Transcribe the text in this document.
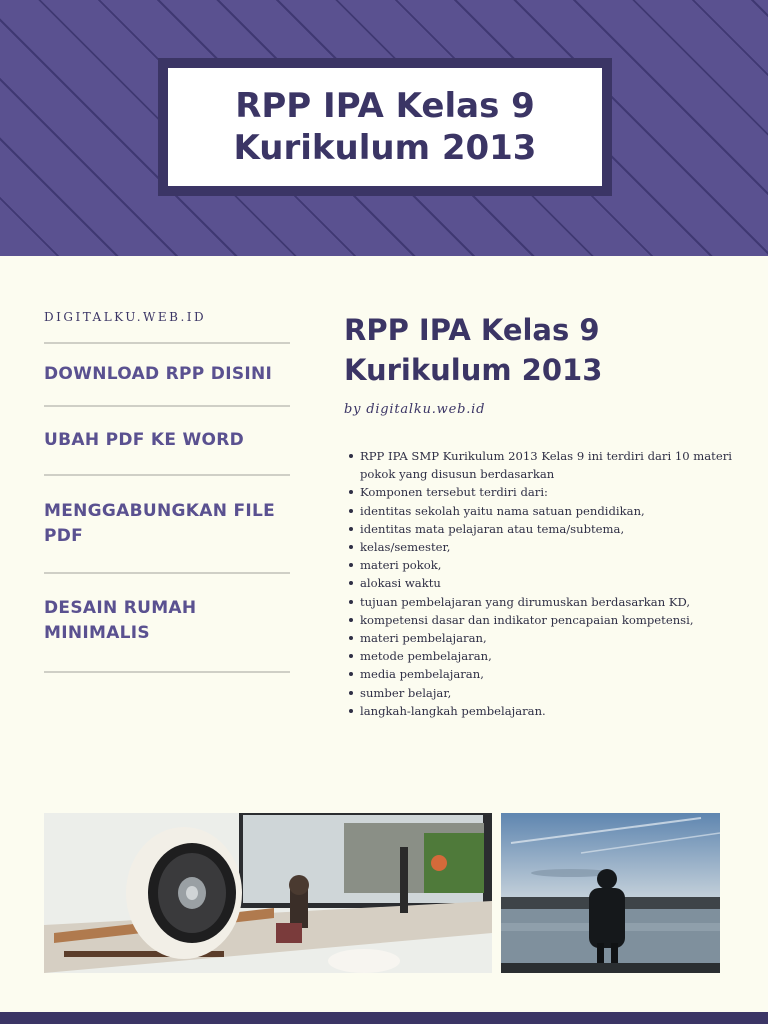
RPP IPA Kelas 9
Kurikulum 2013
DIGITALKU.WEB.ID
DOWNLOAD RPP DISINI
UBAH PDF KE WORD
MENGGABUNGKAN FILE
PDF
DESAIN RUMAH
MINIMALIS
RPP IPA Kelas 9
Kurikulum 2013
by digitalku.web.id
RPP IPA SMP Kurikulum 2013 Kelas 9 ini terdiri dari 10 materi pokok yang disusun berdasarkan
Komponen tersebut terdiri dari:
identitas sekolah yaitu nama satuan pendidikan,
identitas mata pelajaran atau tema/subtema,
kelas/semester,
materi pokok,
alokasi waktu
tujuan pembelajaran yang dirumuskan berdasarkan KD,
kompetensi dasar dan indikator pencapaian kompetensi,
materi pembelajaran,
metode pembelajaran,
media pembelajaran,
sumber belajar,
langkah-langkah pembelajaran.
